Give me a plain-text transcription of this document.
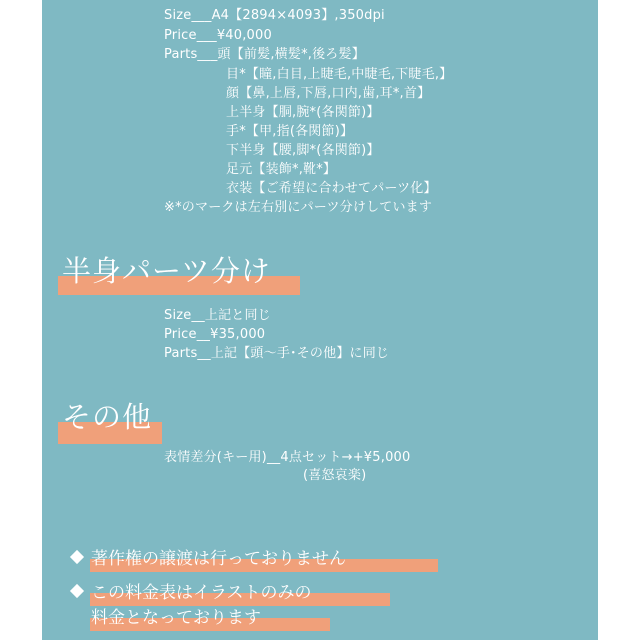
Size___A4【2894×4093】,350dpi
Price___¥40,000
Parts___頭【前髪,横髪*,後ろ髪】
目*【瞳,白目,上睫毛,中睫毛,下睫毛,】
顔【鼻,上唇,下唇,口内,歯,耳*,首】
上半身【胴,腕*(各関節)】
手*【甲,指(各関節)】
下半身【腰,脚*(各関節)】
足元【装飾*,靴*】
衣装【ご希望に合わせてパーツ化】
※*のマークは左右別にパーツ分けしています
半身パーツ分け
Size__上記と同じ
Price__¥35,000
Parts__上記【頭〜手･その他】に同じ
その他
表情差分(キー用)__4点セット→+¥5,000
(喜怒哀楽)
著作権の譲渡は行っておりません
この料金表はイラストのみの
料金となっております
